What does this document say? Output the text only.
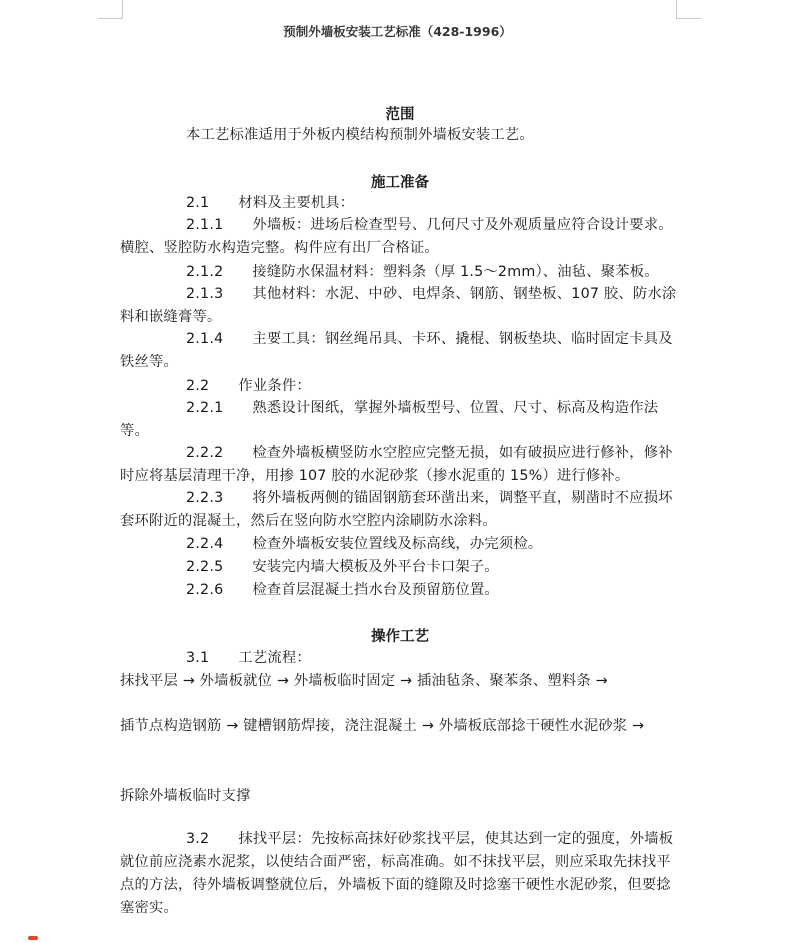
预制外墙板安装工艺标准（428-1996）
范围
本工艺标准适用于外板内模结构预制外墙板安装工艺。
施工准备
2.1　　材料及主要机具：
2.1.1　　外墙板：进场后检查型号、几何尺寸及外观质量应符合设计要求。横腔、竖腔防水构造完整。构件应有出厂合格证。
2.1.2　　接缝防水保温材料：塑料条（厚 1.5～2mm）、油毡、聚苯板。
2.1.3　　其他材料：水泥、中砂、电焊条、钢筋、钢垫板、107 胶、防水涂料和嵌缝膏等。
2.1.4　　主要工具：钢丝绳吊具、卡环、撬棍、钢板垫块、临时固定卡具及铁丝等。
2.2　　作业条件：
2.2.1　　熟悉设计图纸，掌握外墙板型号、位置、尺寸、标高及构造作法等。
2.2.2　　检查外墙板横竖防水空腔应完整无损，如有破损应进行修补，修补时应将基层清理干净，用掺 107 胶的水泥砂浆（掺水泥重的 15%）进行修补。
2.2.3　　将外墙板两侧的锚固钢筋套环凿出来，调整平直，剔凿时不应损坏套环附近的混凝土，然后在竖向防水空腔内涂刷防水涂料。
2.2.4　　检查外墙板安装位置线及标高线，办完须检。
2.2.5　　安装完内墙大模板及外平台卡口架子。
2.2.6　　检查首层混凝土挡水台及预留筋位置。
操作工艺
3.1　　工艺流程：
抹找平层 → 外墙板就位 → 外墙板临时固定 → 插油毡条、聚苯条、塑料条 →
插节点构造钢筋 → 键槽钢筋焊接，浇注混凝土 → 外墙板底部捻干硬性水泥砂浆 →
拆除外墙板临时支撑
3.2　　抹找平层：先按标高抹好砂浆找平层，使其达到一定的强度，外墙板就位前应浇素水泥浆，以使结合面严密，标高准确。如不抹找平层，则应采取先抹找平点的方法，待外墙板调整就位后，外墙板下面的缝隙及时捻塞干硬性水泥砂浆，但要捻塞密实。
